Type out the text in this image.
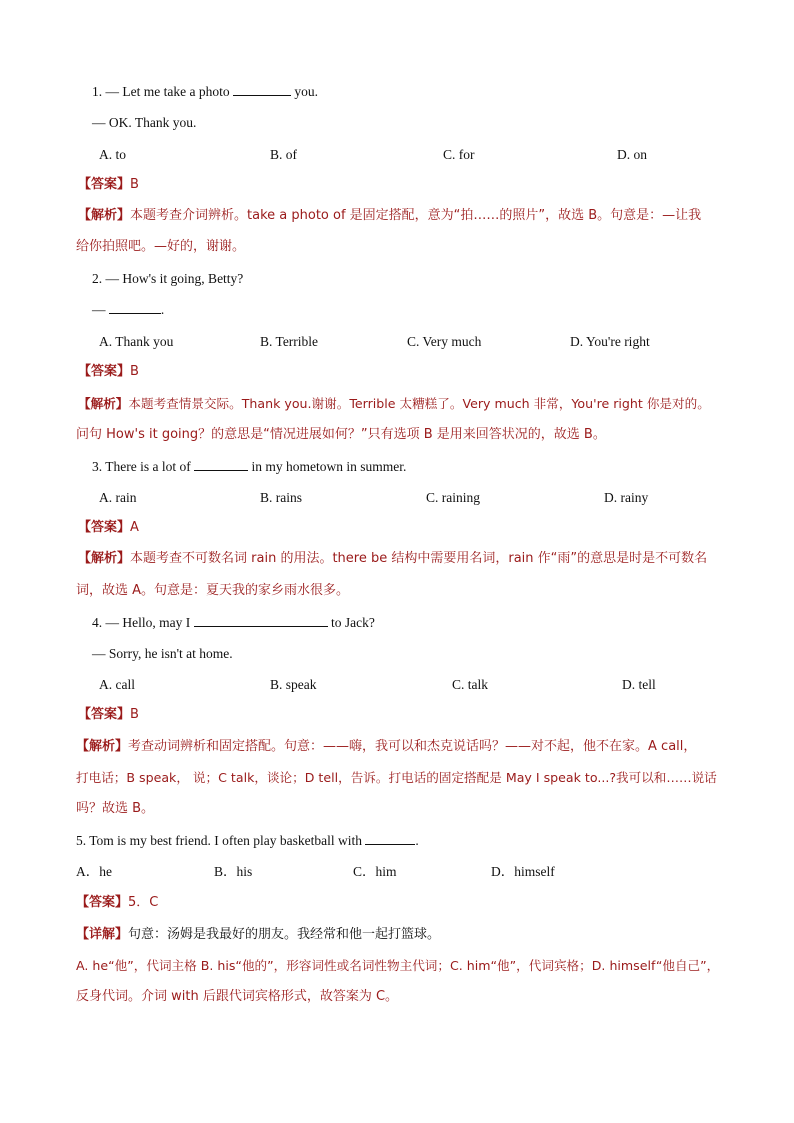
1. — Let me take a photo	you.
— OK. Thank you.
A. to	B. of	C. for	D. on
【答案】B
【解析】本题考查介词辨析。take a photo of 是固定搭配，意为“拍……的照片”，故选 B。句意是：—让我
给你拍照吧。—好的，谢谢。
2. — How's it going, Betty?
—	.
A. Thank you	B. Terrible	C. Very much	D. You're right
【答案】B
【解析】本题考查情景交际。Thank you.谢谢。Terrible 太糟糕了。Very much 非常，You're right 你是对的。
问句 How's it going？的意思是“情况进展如何？”只有选项 B 是用来回答状况的，故选 B。
3. There is a lot of	in my hometown in summer.
A. rain	B. rains	C. raining	D. rainy
【答案】A
【解析】本题考查不可数名词 rain 的用法。there be 结构中需要用名词，rain 作“雨”的意思是时是不可数名
词，故选 A。句意是：夏天我的家乡雨水很多。
4. — Hello, may I	to Jack?
— Sorry, he isn't at home.
A. call	B. speak	C. talk	D. tell
【答案】B
【解析】考查动词辨析和固定搭配。句意：——嗨，我可以和杰克说话吗？——对不起，他不在家。A call，
打电话；B speak， 说；C talk，谈论；D tell，告诉。打电话的固定搭配是 May I speak to...?我可以和……说话
吗？故选 B。
5. Tom is my best friend. I often play basketball with	.
A．he	B．his	C．him	D．himself
【答案】5．C
【详解】句意：汤姆是我最好的朋友。我经常和他一起打篮球。
A. he“他”，代词主格 B. his“他的”，形容词性或名词性物主代词；C. him“他”，代词宾格；D. himself“他自己”，
反身代词。介词 with 后跟代词宾格形式，故答案为 C。
